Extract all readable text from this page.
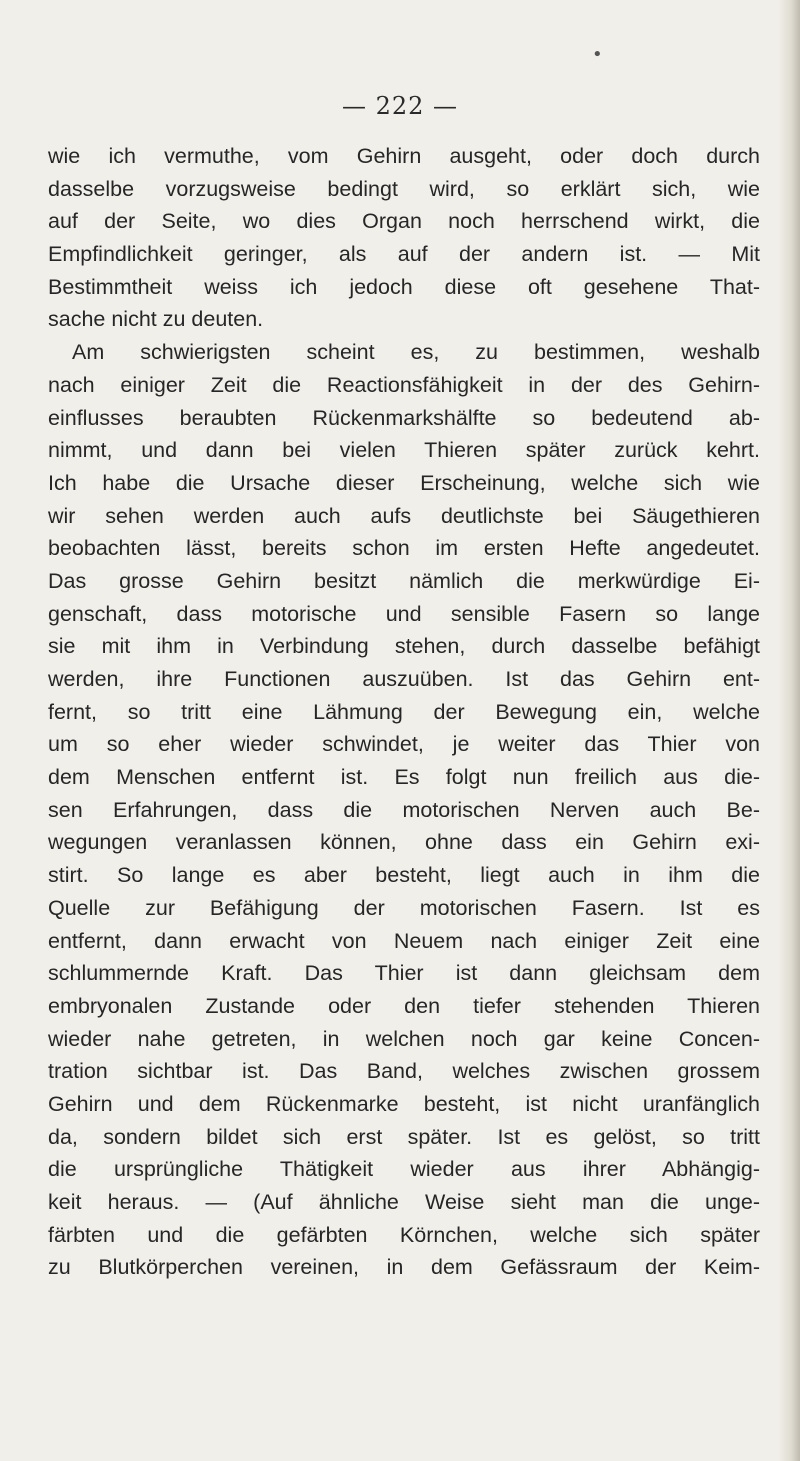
•
— 222 —
wie ich vermuthe, vom Gehirn ausgeht, oder doch durch
dasselbe vorzugsweise bedingt wird, so erklärt sich, wie
auf der Seite, wo dies Organ noch herrschend wirkt, die
Empfindlichkeit geringer, als auf der andern ist. — Mit
Bestimmtheit weiss ich jedoch diese oft gesehene That-
sache nicht zu deuten.
Am schwierigsten scheint es, zu bestimmen, weshalb
nach einiger Zeit die Reactionsfähigkeit in der des Gehirn-
einflusses beraubten Rückenmarkshälfte so bedeutend ab-
nimmt, und dann bei vielen Thieren später zurück kehrt.
Ich habe die Ursache dieser Erscheinung, welche sich wie
wir sehen werden auch aufs deutlichste bei Säugethieren
beobachten lässt, bereits schon im ersten Hefte angedeutet.
Das grosse Gehirn besitzt nämlich die merkwürdige Ei-
genschaft, dass motorische und sensible Fasern so lange
sie mit ihm in Verbindung stehen, durch dasselbe befähigt
werden, ihre Functionen auszuüben. Ist das Gehirn ent-
fernt, so tritt eine Lähmung der Bewegung ein, welche
um so eher wieder schwindet, je weiter das Thier von
dem Menschen entfernt ist. Es folgt nun freilich aus die-
sen Erfahrungen, dass die motorischen Nerven auch Be-
wegungen veranlassen können, ohne dass ein Gehirn exi-
stirt. So lange es aber besteht, liegt auch in ihm die
Quelle zur Befähigung der motorischen Fasern. Ist es
entfernt, dann erwacht von Neuem nach einiger Zeit eine
schlummernde Kraft. Das Thier ist dann gleichsam dem
embryonalen Zustande oder den tiefer stehenden Thieren
wieder nahe getreten, in welchen noch gar keine Concen-
tration sichtbar ist. Das Band, welches zwischen grossem
Gehirn und dem Rückenmarke besteht, ist nicht uranfänglich
da, sondern bildet sich erst später. Ist es gelöst, so tritt
die ursprüngliche Thätigkeit wieder aus ihrer Abhängig-
keit heraus. — (Auf ähnliche Weise sieht man die unge-
färbten und die gefärbten Körnchen, welche sich später
zu Blutkörperchen vereinen, in dem Gefässraum der Keim-
